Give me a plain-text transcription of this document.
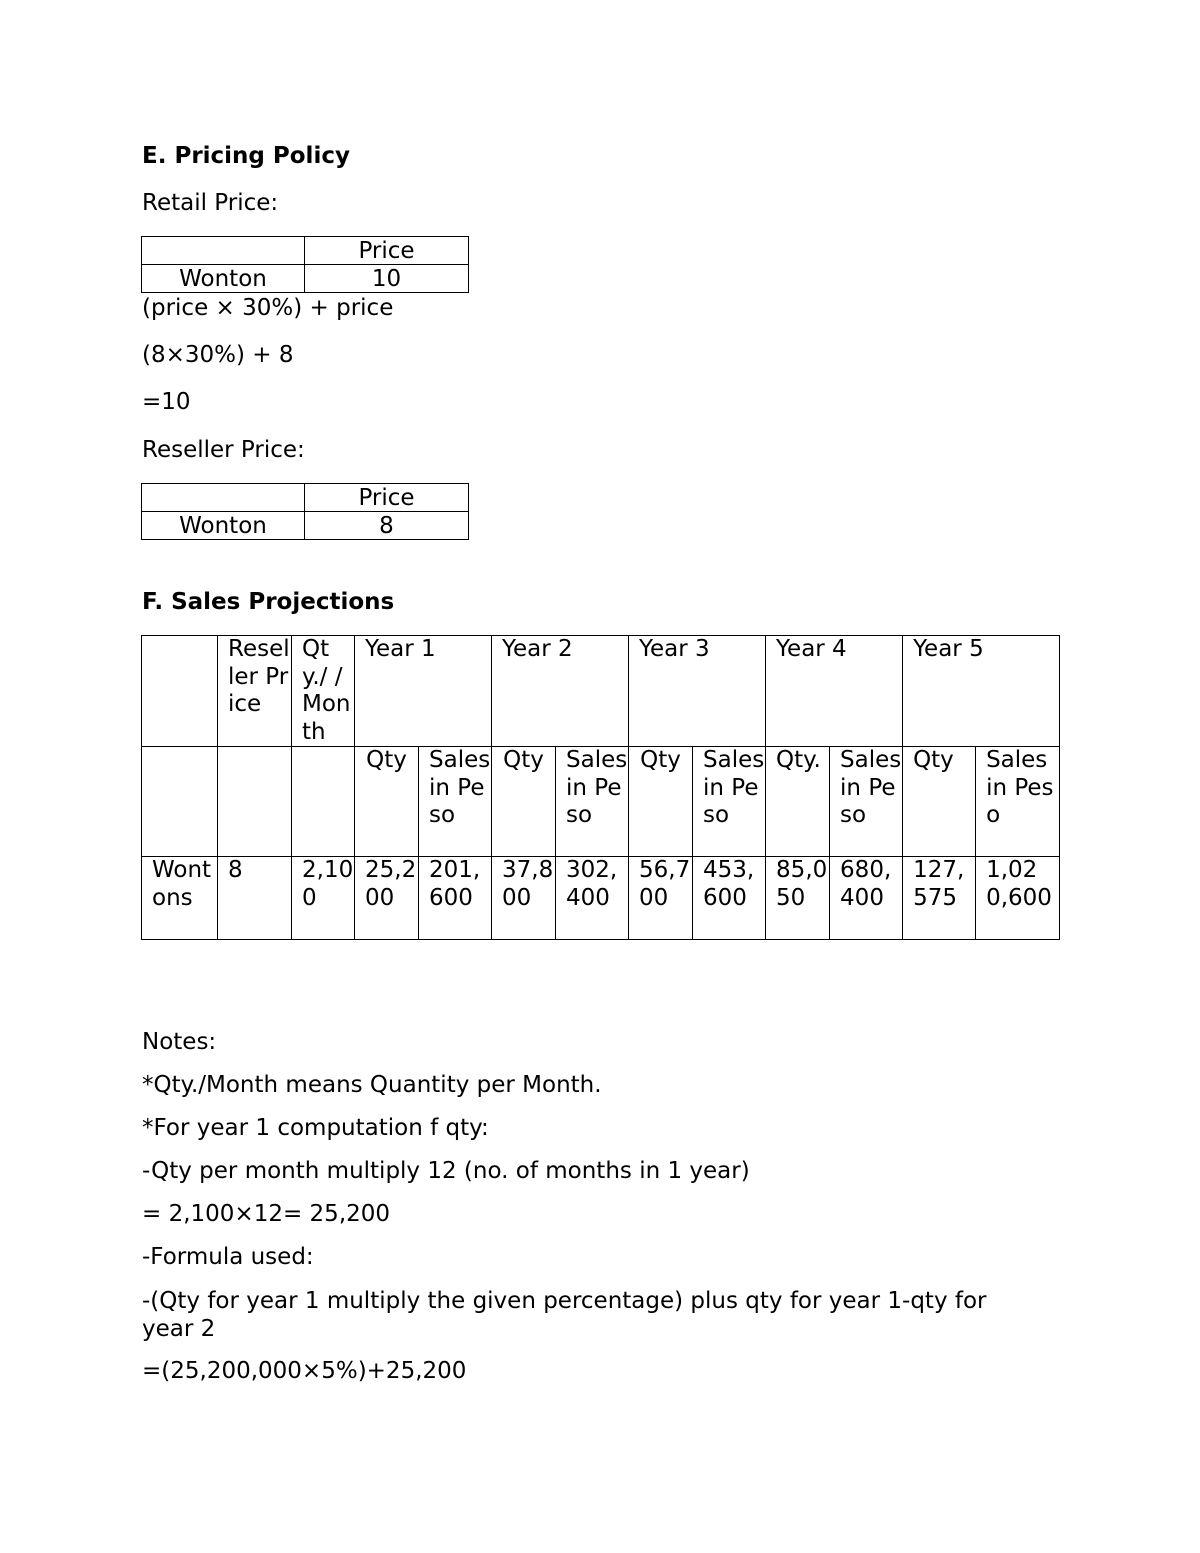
E. Pricing Policy

Retail Price:

	Price
Wonton	10

(price × 30%) + price

(8×30%) + 8

=10

Reseller Price:

	Price
Wonton	8
F. Sales Projections
	Reseller Price	Qty./ / Month	Year 1		Year 2		Year 3		Year 4		Year 5	
			Qty	Sales in Peso	Qty	Sales in Peso	Qty	Sales in Peso	Qty.	Sales in Peso	Qty	Sales in Peso
Wontons	8	2,100	25,200	201,600	37,800	302,400	56,700	453,600	85,050	680,400	127,575	1,020,600

Notes:

*Qty./Month means Quantity per Month.

*For year 1 computation f qty:

-Qty per month multiply 12 (no. of months in 1 year)

= 2,100×12= 25,200

-Formula used:

-(Qty for year 1 multiply the given percentage) plus qty for year 1-qty for year 2

=(25,200,000×5%)+25,200
